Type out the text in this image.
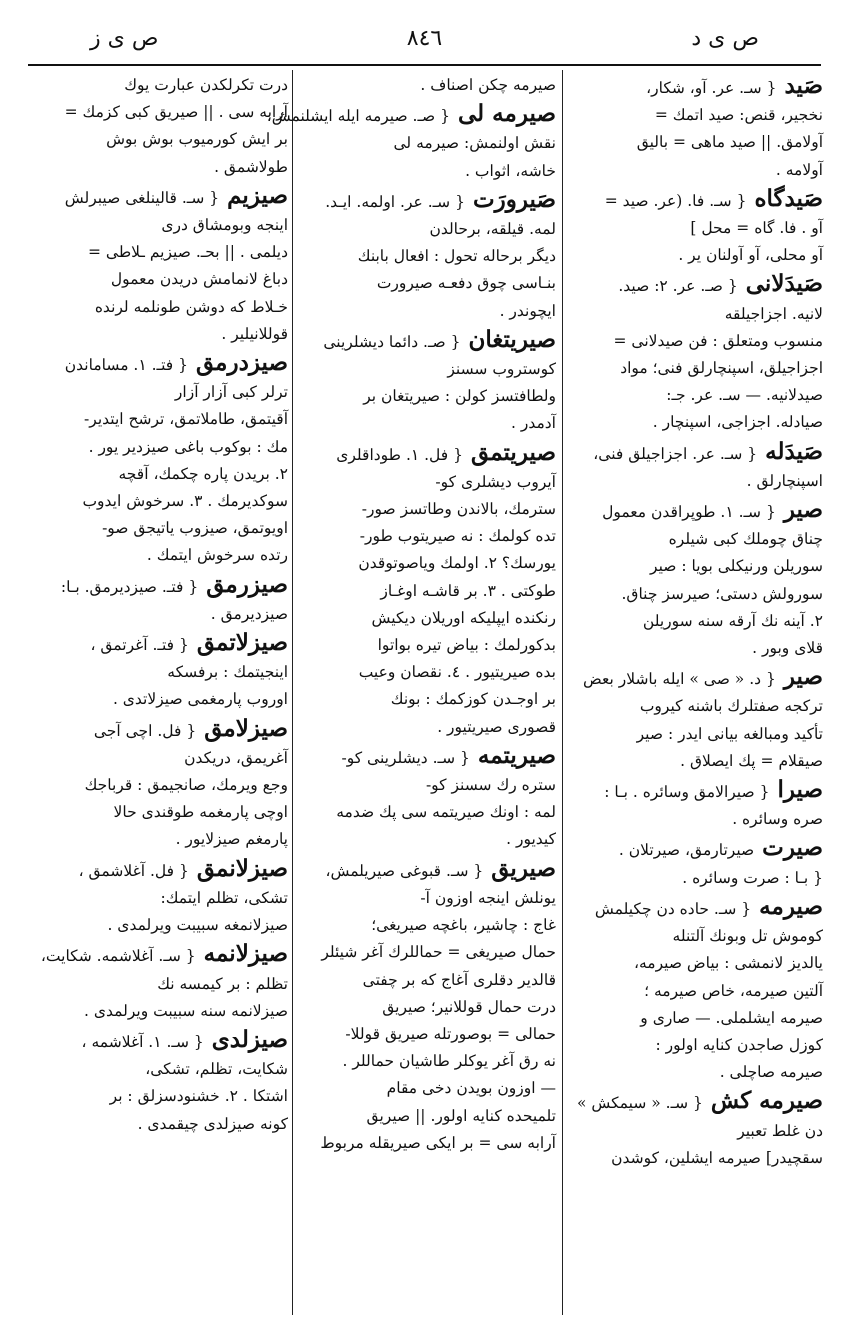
ص ى ز	٨٤٦	ص ى د
صَيد { سـ. عر. آو، شكار،
نخجير، قنص: صيد اتمك =
آولامق. || صيد ماهى = باليق
آولامه .
صَيدگاه { سـ. فا. (عر. صيد =
آو . فا. گاه = محل ]
آو محلى، آو آولنان ير .
صَيدَلانى { صـ. عر. ٢: صيد.
لانيه. اجزاجيلقه
منسوب ومتعلق : فن صيدلانى =
اجزاجيلق، اسپنچارلق فنى؛ مواد
صيدلانيه. — سـ. عر. جـ:
صيادله. اجزاجى، اسپنچار .
صَيدَله { سـ. عر. اجزاجيلق فنى،
اسپنچارلق .
صير { سـ. ١. طوپراقدن معمول
چناق چوملك كبى شيلره
سوريلن ورنيكلى بويا : صير
سورولش دستى؛ صيرسز چناق.
٢. آينه نك آرقه سنه سوريلن
قلاى وبور .
صير { د. « صى » ايله باشلار بعض
تركجه صفتلرك باشنه كيروب
تأكيد ومبالغه بيانى ايدر : صير
صيقلام = پك ايصلاق .
صيرا { صيرالامق وسائره . بـا :
صره وسائره .
صيرت صيرتارمق، صيرتلان .
{ بـا : صرت وسائره .
صيرمه { سـ. حاده دن چكيلمش
كوموش تل وبونك آلتنله
يالديز لانمشى : بياض صيرمه،
آلتين صيرمه، خاص صيرمه ؛
صيرمه ايشلملى. — صارى و
كوزل صاجدن كنايه اولور :
صيرمه صاچلى .
صيرمه كش { سـ. « سيمكش »
دن غلط تعبير
سقچيدر] صيرمه ايشلين، كوشدن
صيرمه چكن اصناف .
صيرمه لى { صـ. صيرمه ايله ايشلنمش،
نقش اولنمش: صيرمه لى
خاشه، اثواب .
صَيرورَت { سـ. عر. اولمه. ايـد.
لمه. قيلقه، برحالدن
ديگر برحاله تحول : افعال بابنك
بنـاسى چوق دفعـه صيرورت
ايچوندر .
صيريتغان { صـ. دائما ديشلرينى
كوستروب سسنز
ولطافتسز كولن : صيريتغان بر
آدمدر .
صيريتمق { فل. ١. طوداقلرى
آيروب ديشلرى كو-
سترمك، بالاندن وطاتسز صور-
تده كولمك : نه صيريتوب طور-
يورسك؟ ٢. اولمك وياصوتوقدن
طوكتى . ٣. بر قاشـه اوغـاز
رنكنده ايپليكه اوريلان ديكيش
بدكورلمك : بياض تيره بواتوا
بده صيريتيور . ٤. نقصان وعيب
بر اوجـدن كوزكمك : بونك
قصورى صيريتيور .
صيريتمه { سـ. ديشلرينى كو-
ستره رك سسنز كو-
لمه : اونك صيريتمه سى پك ضدمه
كيديور .
صيريق { سـ. قبوغى صيريلمش،
يونلش اينجه اوزون آ-
غاج : چاشير، باغچه صيريغى؛
حمال صيريغى = حماللرك آغر شيئلر
قالدير دقلرى آغاج كه بر چفتى
درت حمال قوللانير؛ صيريق
حمالى = بوصورتله صيريق قوللا-
نه رق آغر يوكلر طاشيان حماللر .
— اوزون بويدن دخى مقام
تلميحده كنايه اولور. || صيريق
آرابه سى = بر ايكى صيريقله مربوط
درت تكرلكدن عبارت يوك
آرابه سى . || صيريق كبى كزمك =
بر ايش كورميوب بوش بوش
طولاشمق .
صيزيم { سـ. قالينلغى صيبرلش
اينجه وبومشاق درى
ديلمى . || بحـ. صيزيم ـلاطى =
دباغ لانمامش دريدن معمول
خـلاط كه دوشن طونلمه لرنده
قوللانيلير .
صيزدرمق { فتـ. ١. مساماندن
ترلر كبى آزار آزار
آقيتمق، طاملاتمق، ترشح ايتدير-
مك : بوكوب باغى صيزدير يور .
٢. بريدن پاره چكمك، آقچه
سوكديرمك . ٣. سرخوش ايدوب
اويوتمق، صيزوب ياتيجق صو-
رتده سرخوش ايتمك .
صيزرمق { فتـ. صيزديرمق. بـا:
صيزديرمق .
صيزلاتمق { فتـ. آغرتمق ،
اينجيتمك : برفسكه
اوروب پارمغمى صيزلاتدى .
صيزلامق { فل. اچى آجى
آغريمق، دريكدن
وجع ويرمك، صانجيمق : قرباجك
اوچى پارمغمه طوقندى حالا
پارمغم صيزلايور .
صيزلانمق { فل. آغلاشمق ،
تشكى، تظلم ايتمك:
صيزلانمغه سبيبت ويرلمدى .
صيزلانمه { سـ. آغلاشمه. شكايت،
تظلم : بر كيمسه نك
صيزلانمه سنه سبيبت ويرلمدى .
صيزلدى { سـ. ١. آغلاشمه ،
شكايت، تظلم، تشكى،
اشتكا . ٢. خشنودسزلق : بر
كونه صيزلدى چيقمدى .
